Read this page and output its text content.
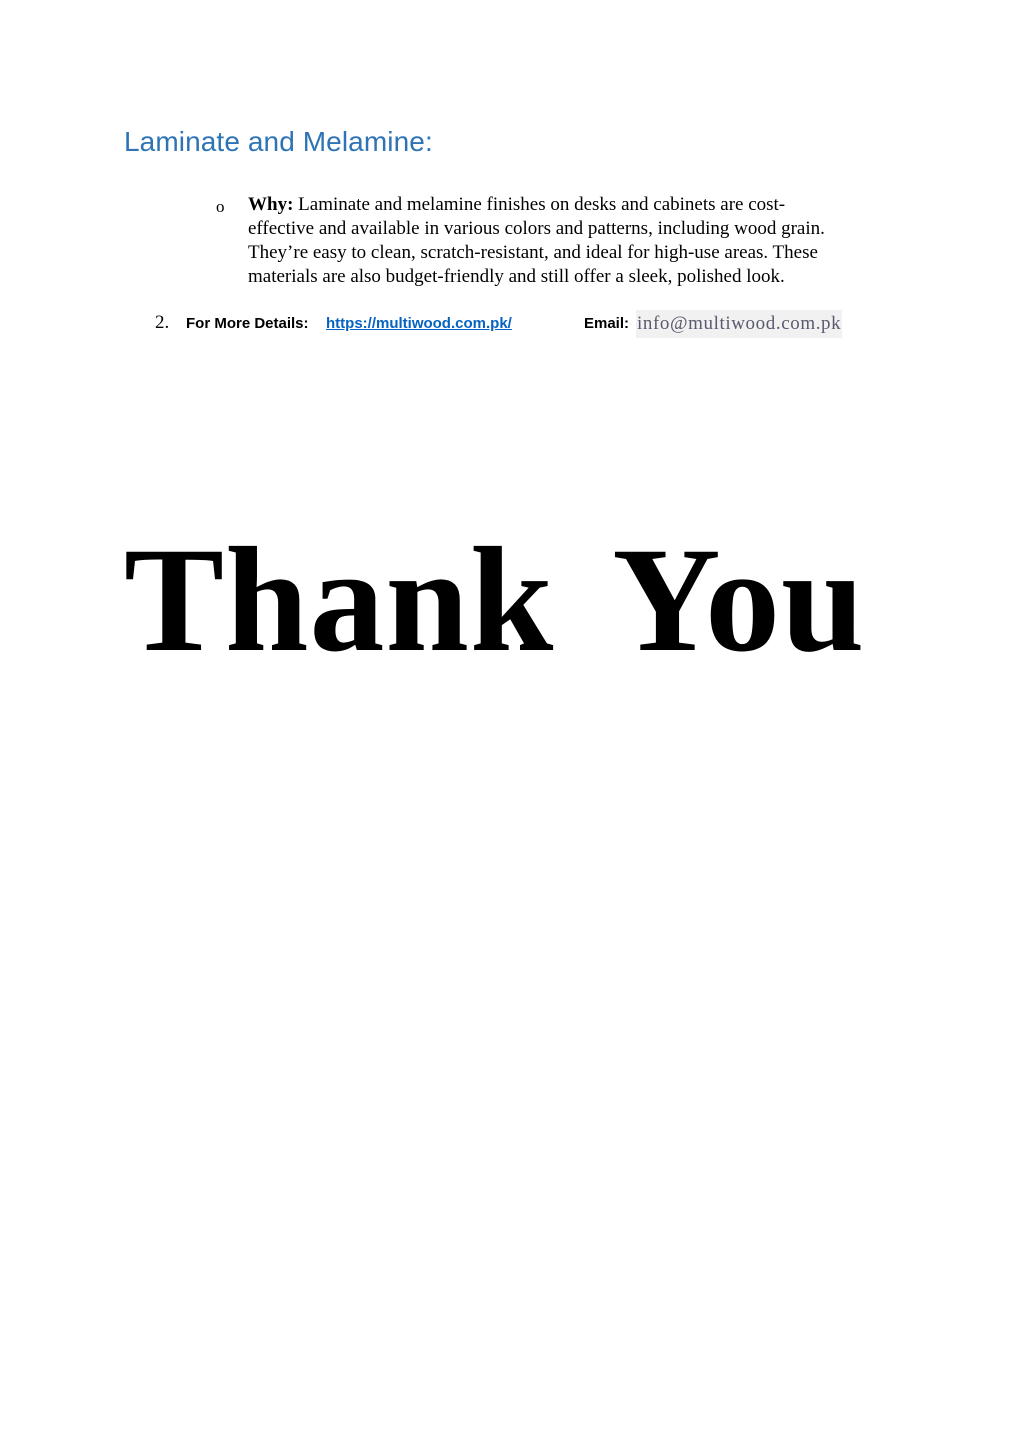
Laminate and Melamine:
o Why: Laminate and melamine finishes on desks and cabinets are cost-
effective and available in various colors and patterns, including wood grain.
They’re easy to clean, scratch-resistant, and ideal for high-use areas. These
materials are also budget-friendly and still offer a sleek, polished look.

2. For More Details: https://multiwood.com.pk/	Email: info@multiwood.com.pk
Thank You
